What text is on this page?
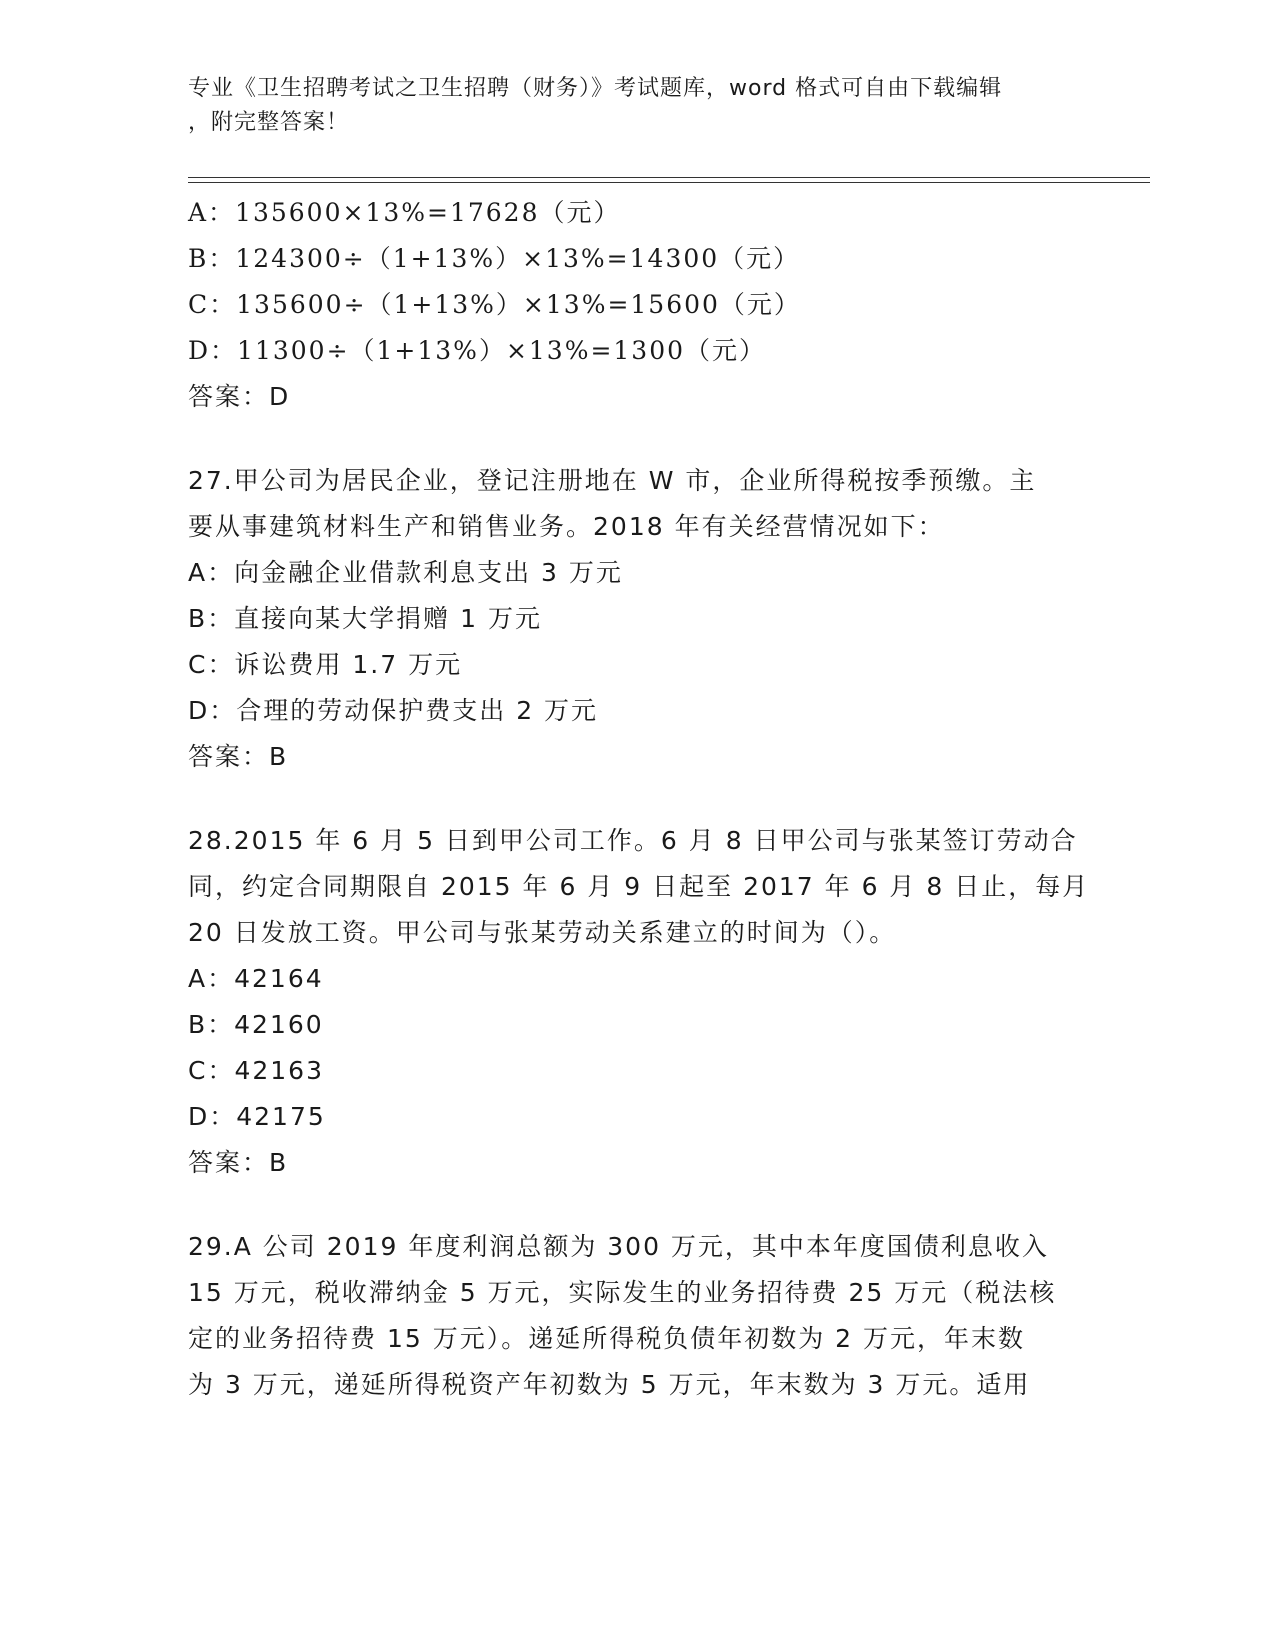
专业《卫生招聘考试之卫生招聘（财务）》考试题库，word 格式可自由下载编辑
，附完整答案！
A：135600×13%=17628（元）
B：124300÷（1+13%）×13%=14300（元）
C：135600÷（1+13%）×13%=15600（元）
D：11300÷（1+13%）×13%=1300（元）
答案：D
27.甲公司为居民企业，登记注册地在 W 市，企业所得税按季预缴。主
要从事建筑材料生产和销售业务。2018 年有关经营情况如下：
A：向金融企业借款利息支出 3 万元
B：直接向某大学捐赠 1 万元
C：诉讼费用 1.7 万元
D：合理的劳动保护费支出 2 万元
答案：B
28.2015 年 6 月 5 日到甲公司工作。6 月 8 日甲公司与张某签订劳动合
同，约定合同期限自 2015 年 6 月 9 日起至 2017 年 6 月 8 日止，每月
20 日发放工资。甲公司与张某劳动关系建立的时间为（）。
A：42164
B：42160
C：42163
D：42175
答案：B
29.A 公司 2019 年度利润总额为 300 万元，其中本年度国债利息收入
15 万元，税收滞纳金 5 万元，实际发生的业务招待费 25 万元（税法核
定的业务招待费 15 万元）。递延所得税负债年初数为 2 万元，年末数
为 3 万元，递延所得税资产年初数为 5 万元，年末数为 3 万元。适用
